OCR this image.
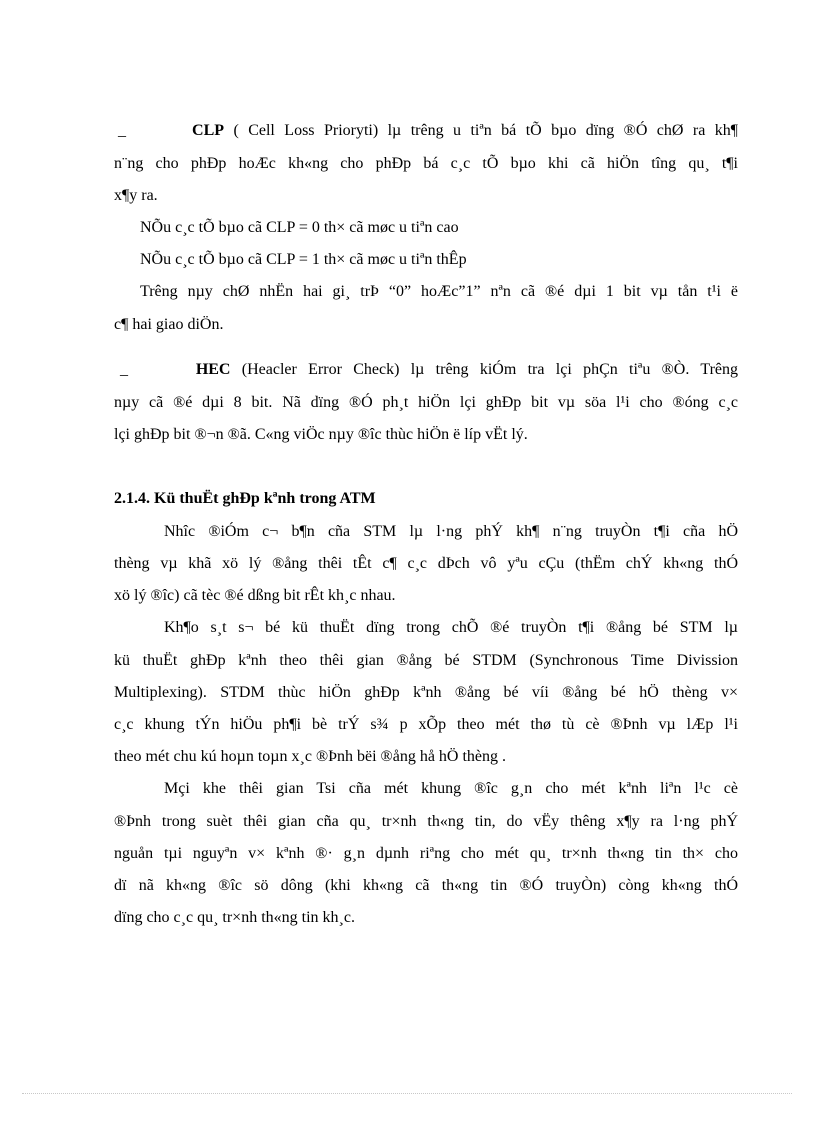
_	CLP ( Cell Loss Prioryti) lµ trêng u tiªn bá tÕ bµo dïng ®Ó chØ ra kh¶
n¨ng cho phÐp hoÆc kh«ng cho phÐp bá c¸c tÕ bµo khi cã hiÖn tîng qu¸ t¶i
x¶y ra.
NÕu c¸c tÕ bµo cã CLP = 0 th× cã møc u tiªn cao
NÕu c¸c tÕ bµo cã CLP = 1 th× cã møc u tiªn thÊp
Trêng nµy chØ nhËn hai gi¸ trÞ “0” hoÆc”1” nªn cã ®é dµi 1 bit vµ tån t¹i ë
c¶ hai giao diÖn.
_	HEC (Heacler Error Check) lµ trêng kiÓm tra lçi phÇn tiªu ®Ò. Trêng
nµy cã ®é dµi 8 bit. Nã dïng ®Ó ph¸t hiÖn lçi ghÐp bit vµ söa l¹i cho ®óng c¸c
lçi ghÐp bit ®¬n ®ã. C«ng viÖc nµy ®îc thùc hiÖn ë líp vËt lý.
2.1.4. Kü thuËt ghÐp kªnh trong ATM
Nhîc ®iÓm c¬ b¶n cña STM lµ l·ng phÝ kh¶ n¨ng truyÒn t¶i cña hÖ
thèng vµ khã xö lý ®ång thêi tÊt c¶ c¸c dÞch vô yªu cÇu (thËm chÝ kh«ng thÓ
xö lý ®îc) cã tèc ®é dßng bit rÊt kh¸c nhau.
Kh¶o s¸t s¬ bé kü thuËt dïng trong chÕ ®é truyÒn t¶i ®ång bé STM lµ
kü thuËt ghÐp kªnh theo thêi gian ®ång bé STDM (Synchronous Time Divission
Multiplexing). STDM thùc hiÖn ghÐp kªnh ®ång bé víi ®ång bé hÖ thèng v×
c¸c khung tÝn hiÖu ph¶i bè trÝ s¾ p xÕp theo mét thø tù cè ®Þnh vµ lÆp l¹i
theo mét chu kú hoµn toµn x¸c ®Þnh bëi ®ång hå hÖ thèng .
Mçi khe thêi gian Tsi cña mét khung ®îc g¸n cho mét kªnh liªn l¹c cè
®Þnh trong suèt thêi gian cña qu¸ tr×nh th«ng tin, do vËy thêng x¶y ra l·ng phÝ
nguån tµi nguyªn v× kªnh ®· g¸n dµnh riªng cho mét qu¸ tr×nh th«ng tin th× cho
dï nã kh«ng ®îc sö dông (khi kh«ng cã th«ng tin ®Ó truyÒn) còng kh«ng thÓ
dïng cho c¸c qu¸ tr×nh th«ng tin kh¸c.
